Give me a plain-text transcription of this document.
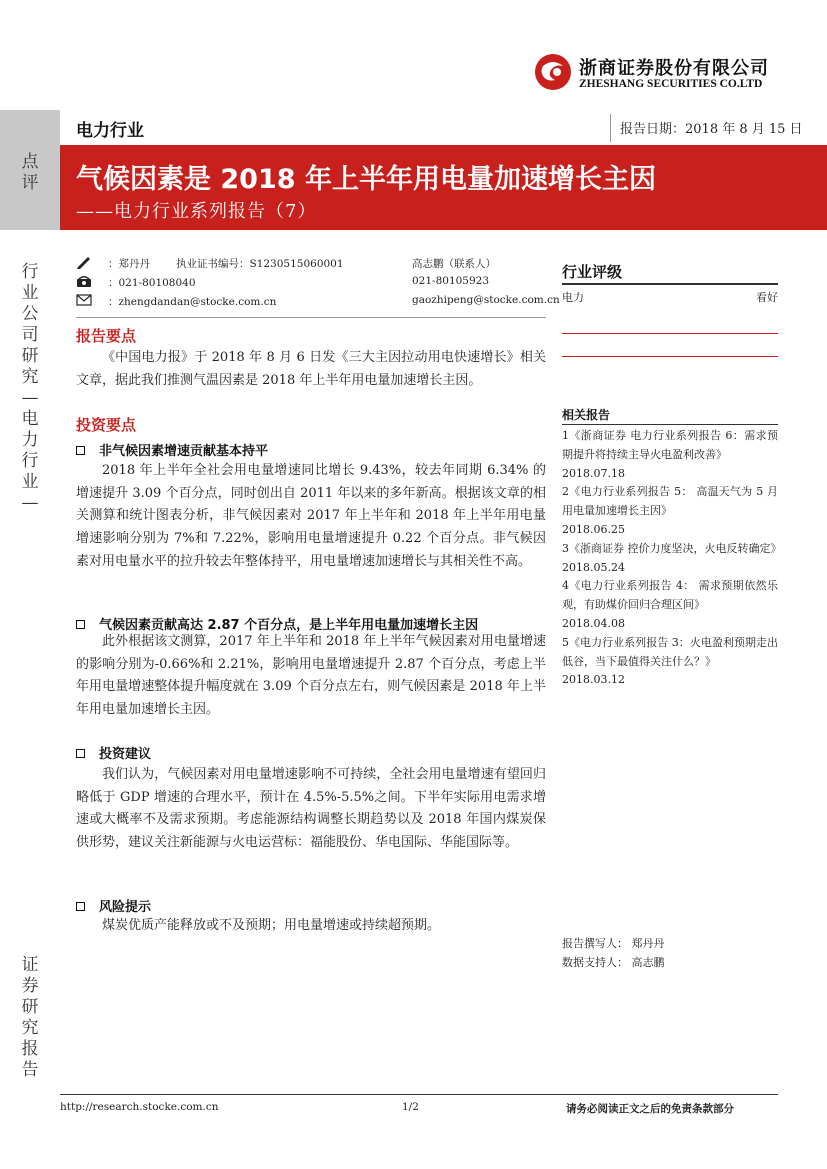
点
评
行
业
公
司
研
究
—
电
力
行
业
—
证
券
研
究
报
告
浙商证券股份有限公司
ZHESHANG SECURITIES CO.LTD
电力行业	报告日期：2018 年 8 月 15 日
气候因素是 2018 年上半年用电量加速增长主因
——电力行业系列报告（7）
：郑丹丹 执业证书编号：S1230515060001	高志鹏（联系人）
：021-80108040	021-80105923
：zhengdandan@stocke.com.cn	gaozhipeng@stocke.com.cn
报告要点
《中国电力报》于 2018 年 8 月 6 日发《三大主因拉动用电快速增长》相关文章，据此我们推测气温因素是 2018 年上半年用电量加速增长主因。
投资要点
非气候因素增速贡献基本持平
2018 年上半年全社会用电量增速同比增长 9.43%，较去年同期 6.34% 的增速提升 3.09 个百分点，同时创出自 2011 年以来的多年新高。根据该文章的相关测算和统计图表分析，非气候因素对 2017 年上半年和 2018 年上半年用电量增速影响分别为 7%和 7.22%，影响用电量增速提升 0.22 个百分点。非气候因素对用电量水平的拉升较去年整体持平，用电量增速加速增长与其相关性不高。
气候因素贡献高达 2.87 个百分点，是上半年用电量加速增长主因
此外根据该文测算，2017 年上半年和 2018 年上半年气候因素对用电量增速的影响分别为-0.66%和 2.21%，影响用电量增速提升 2.87 个百分点，考虑上半年用电量增速整体提升幅度就在 3.09 个百分点左右，则气候因素是 2018 年上半年用电量加速增长主因。
投资建议
我们认为，气候因素对用电量增速影响不可持续，全社会用电量增速有望回归略低于 GDP 增速的合理水平，预计在 4.5%-5.5%之间。下半年实际用电需求增速或大概率不及需求预期。考虑能源结构调整长期趋势以及 2018 年国内煤炭保供形势，建议关注新能源与火电运营标：福能股份、华电国际、华能国际等。
风险提示
煤炭优质产能释放或不及预期；用电量增速或持续超预期。
行业评级
电力	看好
相关报告
1《浙商证券 电力行业系列报告 6：需求预期提升将持续主导火电盈利改善》
2018.07.18
2《电力行业系列报告 5： 高温天气为 5 月用电量加速增长主因》
2018.06.25
3《浙商证券 控价力度坚决，火电反转确定》
2018.05.24
4《电力行业系列报告 4： 需求预期依然乐观，有助煤价回归合理区间》
2018.04.08
5《电力行业系列报告 3：火电盈利预期走出低谷，当下最值得关注什么？》
2018.03.12
报告撰写人： 郑丹丹
数据支持人： 高志鹏
http://research.stocke.com.cn	1/2	请务必阅读正文之后的免责条款部分
